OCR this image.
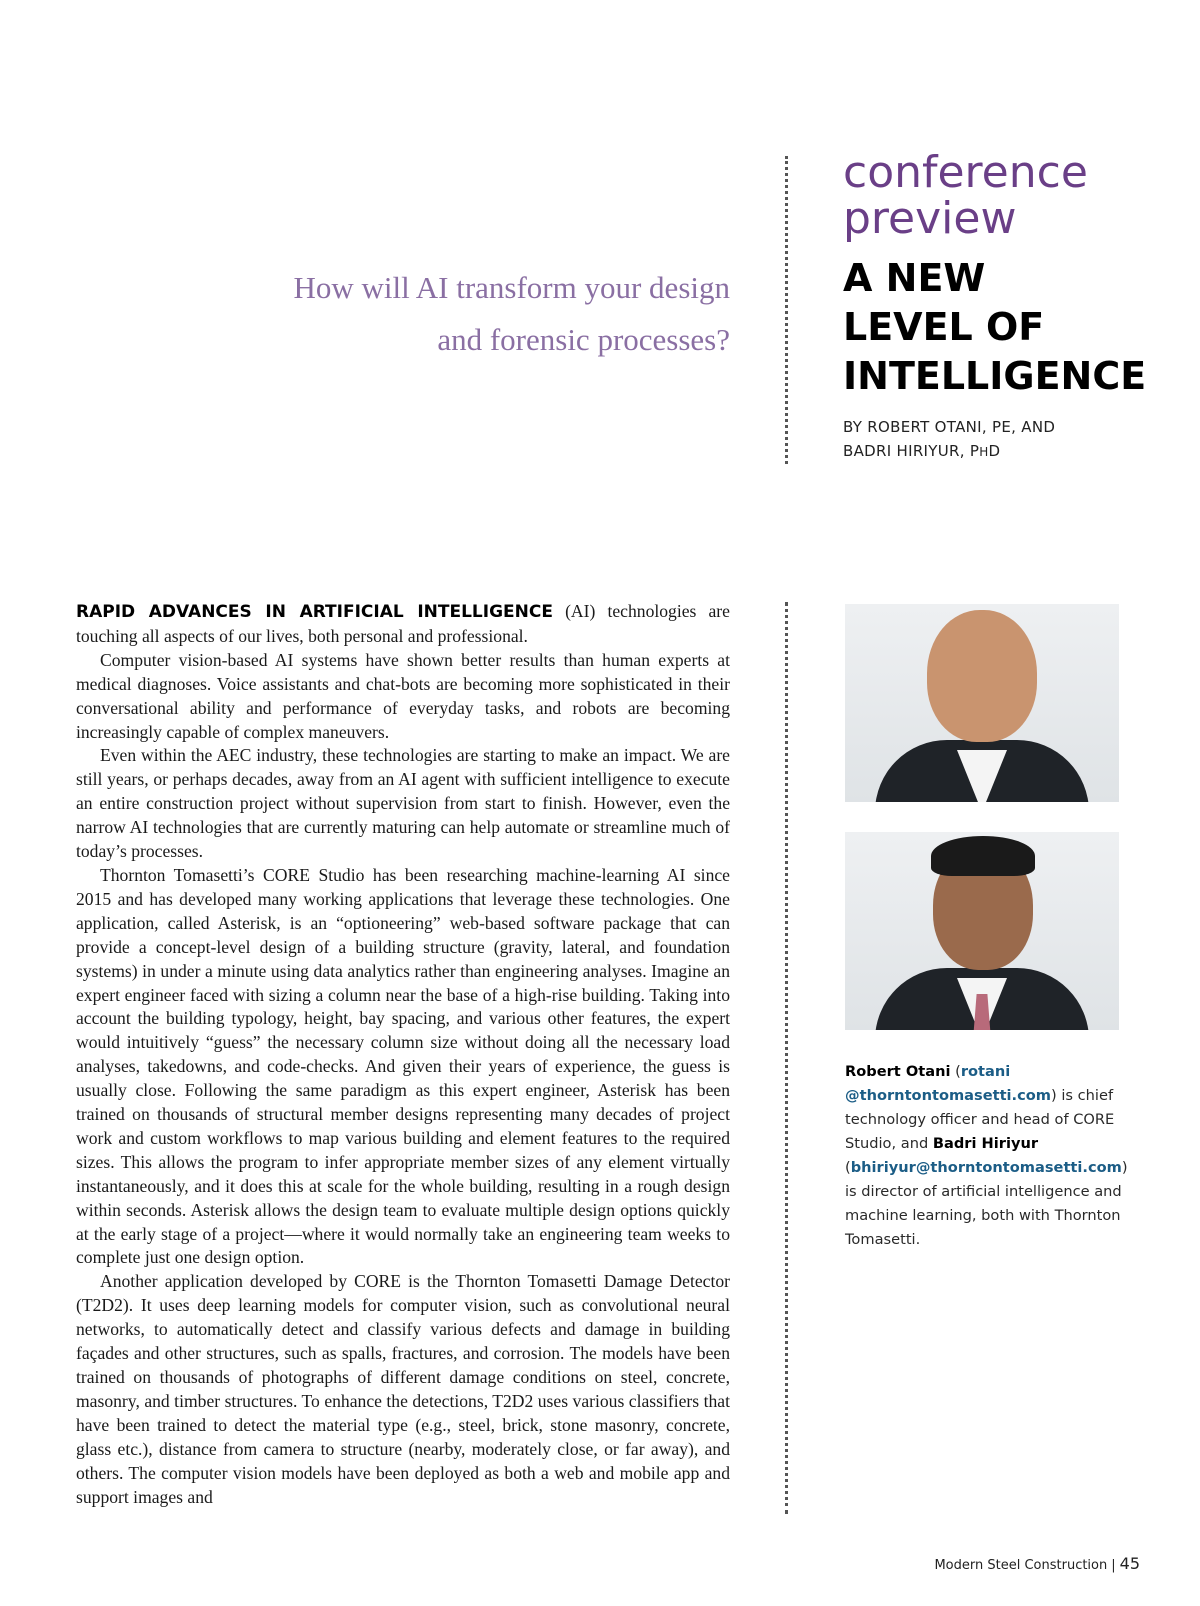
How will AI transform your design
and forensic processes?
conference
preview
A NEW
LEVEL OF
INTELLIGENCE
BY ROBERT OTANI, PE, AND
BADRI HIRIYUR, PHD

RAPID ADVANCES IN ARTIFICIAL INTELLIGENCE (AI) technologies are touching all aspects of our lives, both personal and professional.

Computer vision-based AI systems have shown better results than human experts at medical diagnoses. Voice assistants and chat-bots are becoming more sophisticated in their conversational ability and performance of everyday tasks, and robots are becoming increasingly capable of complex maneuvers.

Even within the AEC industry, these technologies are starting to make an impact. We are still years, or perhaps decades, away from an AI agent with sufficient intelligence to execute an entire construction project without supervision from start to finish. However, even the narrow AI technologies that are currently maturing can help automate or streamline much of today’s processes.

Thornton Tomasetti’s CORE Studio has been researching machine-learning AI since 2015 and has developed many working applications that leverage these technologies. One application, called Asterisk, is an “optioneering” web-based software package that can provide a concept-level design of a building structure (gravity, lateral, and foundation systems) in under a minute using data analytics rather than engineering analyses. Imagine an expert engineer faced with sizing a column near the base of a high-rise building. Taking into account the building typology, height, bay spacing, and various other features, the expert would intuitively “guess” the necessary column size without doing all the necessary load analyses, takedowns, and code-checks. And given their years of experience, the guess is usually close. Following the same paradigm as this expert engineer, Asterisk has been trained on thousands of structural member designs representing many decades of project work and custom workflows to map various building and element features to the required sizes. This allows the program to infer appropriate member sizes of any element virtually instantaneously, and it does this at scale for the whole building, resulting in a rough design within seconds. Asterisk allows the design team to evaluate multiple design options quickly at the early stage of a project—where it would normally take an engineering team weeks to complete just one design option.

Another application developed by CORE is the Thornton Tomasetti Damage Detector (T2D2). It uses deep learning models for computer vision, such as convolutional neural networks, to automatically detect and classify various defects and damage in building façades and other structures, such as spalls, fractures, and corrosion. The models have been trained on thousands of photographs of different damage conditions on steel, concrete, masonry, and timber structures. To enhance the detections, T2D2 uses various classifiers that have been trained to detect the material type (e.g., steel, brick, stone masonry, concrete, glass etc.), distance from camera to structure (nearby, moderately close, or far away), and others. The computer vision models have been deployed as both a web and mobile app and support images and

Robert Otani (rotani
@thorntontomasetti.com) is chief technology officer and head of CORE Studio, and Badri Hiriyur
(bhiriyur@thorntontomasetti.com) is director of artificial intelligence and machine learning, both with Thornton Tomasetti.
Modern Steel Construction | 45
